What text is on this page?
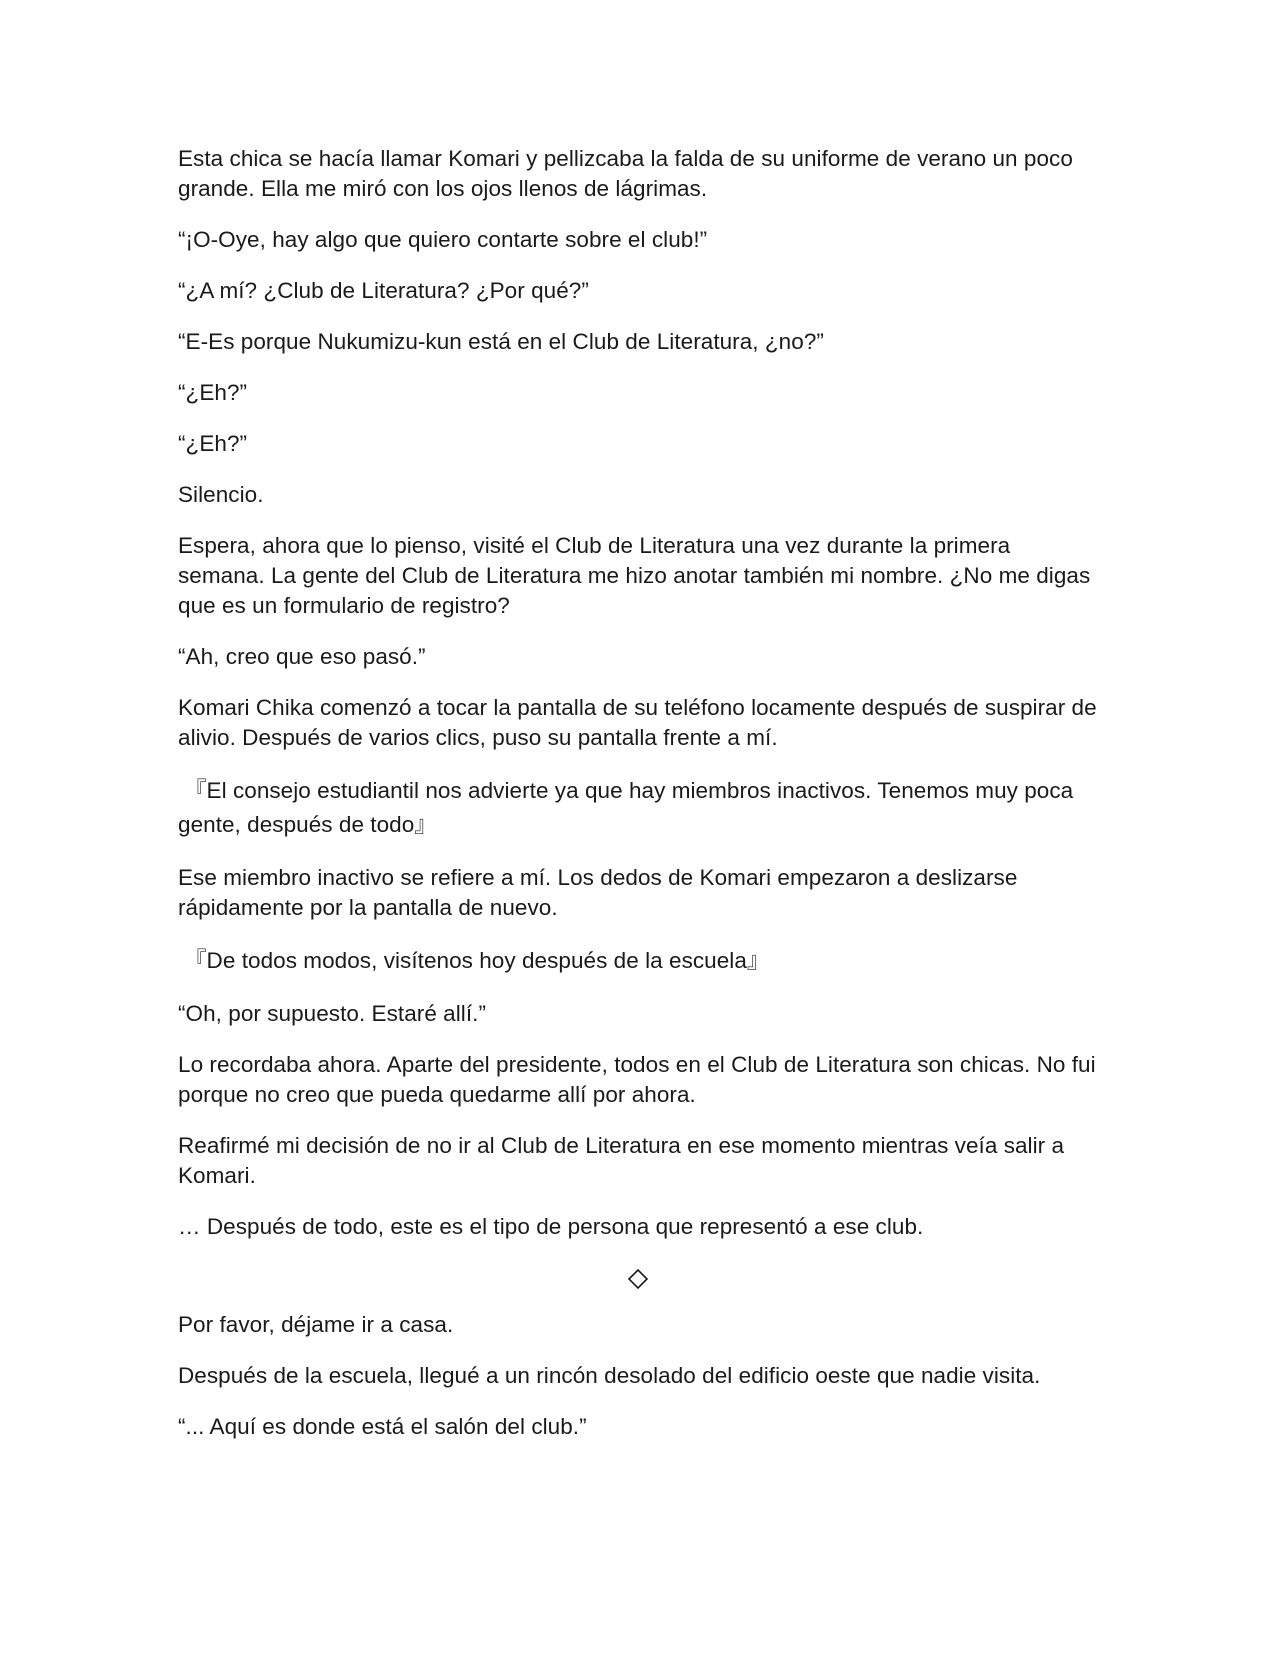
Esta chica se hacía llamar Komari y pellizcaba la falda de su uniforme de verano un poco grande. Ella me miró con los ojos llenos de lágrimas.

“¡O-Oye, hay algo que quiero contarte sobre el club!”

“¿A mí? ¿Club de Literatura? ¿Por qué?”

“E-Es porque Nukumizu-kun está en el Club de Literatura, ¿no?”

“¿Eh?”

“¿Eh?”

Silencio.

Espera, ahora que lo pienso, visité el Club de Literatura una vez durante la primera semana. La gente del Club de Literatura me hizo anotar también mi nombre. ¿No me digas que es un formulario de registro?

“Ah, creo que eso pasó.”

Komari Chika comenzó a tocar la pantalla de su teléfono locamente después de suspirar de alivio. Después de varios clics, puso su pantalla frente a mí.

『El consejo estudiantil nos advierte ya que hay miembros inactivos. Tenemos muy poca gente, después de todo』

Ese miembro inactivo se refiere a mí. Los dedos de Komari empezaron a deslizarse rápidamente por la pantalla de nuevo.

『De todos modos, visítenos hoy después de la escuela』

“Oh, por supuesto. Estaré allí.”

Lo recordaba ahora. Aparte del presidente, todos en el Club de Literatura son chicas. No fui porque no creo que pueda quedarme allí por ahora.

Reafirmé mi decisión de no ir al Club de Literatura en ese momento mientras veía salir a Komari.

… Después de todo, este es el tipo de persona que representó a ese club.

Por favor, déjame ir a casa.

Después de la escuela, llegué a un rincón desolado del edificio oeste que nadie visita.

“... Aquí es donde está el salón del club.”
